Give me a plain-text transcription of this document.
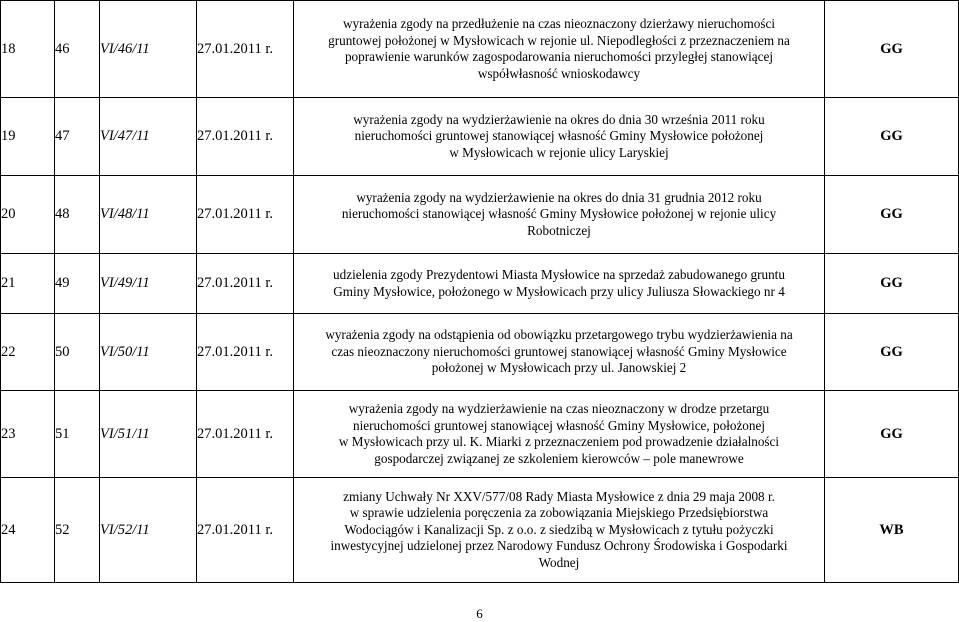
18	46	VI/46/11	27.01.2011 r.	wyrażenia zgody na przedłużenie na czas nieoznaczony dzierżawy nieruchomości
gruntowej położonej w Mysłowicach w rejonie ul. Niepodległości z przeznaczeniem na
poprawienie warunków zagospodarowania nieruchomości przyległej stanowiącej
współwłasność wnioskodawcy	GG
19	47	VI/47/11	27.01.2011 r.	wyrażenia zgody na wydzierżawienie na okres do dnia 30 września 2011 roku
nieruchomości gruntowej stanowiącej własność Gminy Mysłowice położonej
w Mysłowicach w rejonie ulicy Laryskiej	GG
20	48	VI/48/11	27.01.2011 r.	wyrażenia zgody na wydzierżawienie na okres do dnia 31 grudnia 2012 roku
nieruchomości stanowiącej własność Gminy Mysłowice położonej w rejonie ulicy
Robotniczej	GG
21	49	VI/49/11	27.01.2011 r.	udzielenia zgody Prezydentowi Miasta Mysłowice na sprzedaż zabudowanego gruntu
Gminy Mysłowice, położonego w Mysłowicach przy ulicy Juliusza Słowackiego nr 4	GG
22	50	VI/50/11	27.01.2011 r.	wyrażenia zgody na odstąpienia od obowiązku przetargowego trybu wydzierżawienia na
czas nieoznaczony nieruchomości gruntowej stanowiącej własność Gminy Mysłowice
położonej w Mysłowicach przy ul. Janowskiej 2	GG
23	51	VI/51/11	27.01.2011 r.	wyrażenia zgody na wydzierżawienie na czas nieoznaczony w drodze przetargu
nieruchomości gruntowej stanowiącej własność Gminy Mysłowice, położonej
w Mysłowicach przy ul. K. Miarki z przeznaczeniem pod prowadzenie działalności
gospodarczej związanej ze szkoleniem kierowców – pole manewrowe	GG
24	52	VI/52/11	27.01.2011 r.	zmiany Uchwały Nr XXV/577/08 Rady Miasta Mysłowice z dnia 29 maja 2008 r.
w sprawie udzielenia poręczenia za zobowiązania Miejskiego Przedsiębiorstwa
Wodociągów i Kanalizacji Sp. z o.o. z siedzibą w Mysłowicach z tytułu pożyczki
inwestycyjnej udzielonej przez Narodowy Fundusz Ochrony Środowiska i Gospodarki
Wodnej	WB
6
